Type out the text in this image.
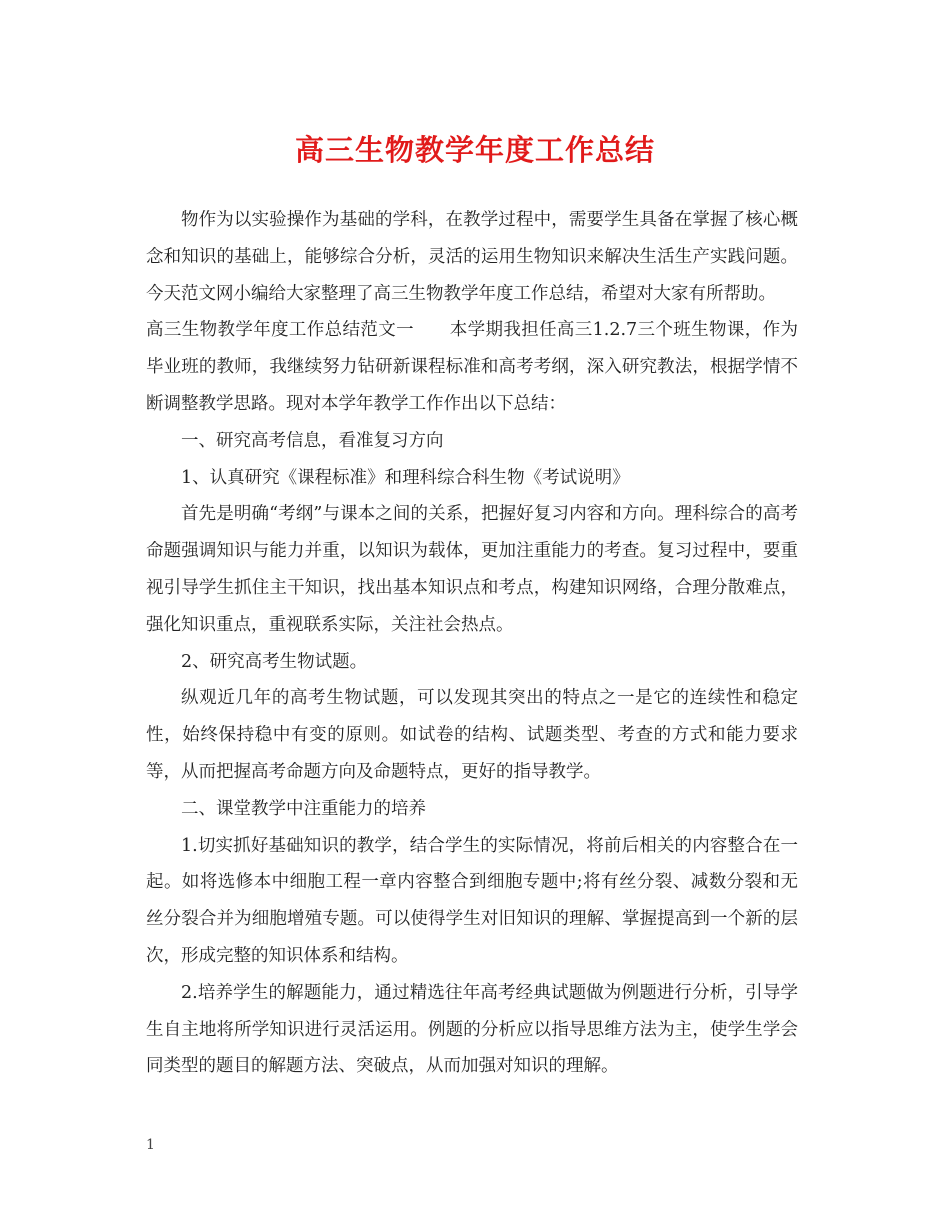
高三生物教学年度工作总结

物作为以实验操作为基础的学科，在教学过程中，需要学生具备在掌握了核心概念和知识的基础上，能够综合分析，灵活的运用生物知识来解决生活生产实践问题。今天范文网小编给大家整理了高三生物教学年度工作总结，希望对大家有所帮助。

高三生物教学年度工作总结范文一　　本学期我担任高三1.2.7三个班生物课，作为毕业班的教师，我继续努力钻研新课程标准和高考考纲，深入研究教法，根据学情不断调整教学思路。现对本学年教学工作作出以下总结：

一、研究高考信息，看准复习方向

1、认真研究《课程标准》和理科综合科生物《考试说明》

首先是明确“考纲”与课本之间的关系，把握好复习内容和方向。理科综合的高考命题强调知识与能力并重，以知识为载体，更加注重能力的考查。复习过程中，要重视引导学生抓住主干知识，找出基本知识点和考点，构建知识网络，合理分散难点，强化知识重点，重视联系实际，关注社会热点。

2、研究高考生物试题。

纵观近几年的高考生物试题，可以发现其突出的特点之一是它的连续性和稳定性，始终保持稳中有变的原则。如试卷的结构、试题类型、考查的方式和能力要求等，从而把握高考命题方向及命题特点，更好的指导教学。

二、课堂教学中注重能力的培养

1.切实抓好基础知识的教学，结合学生的实际情况，将前后相关的内容整合在一起。如将选修本中细胞工程一章内容整合到细胞专题中;将有丝分裂、减数分裂和无丝分裂合并为细胞增殖专题。可以使得学生对旧知识的理解、掌握提高到一个新的层次，形成完整的知识体系和结构。

2.培养学生的解题能力，通过精选往年高考经典试题做为例题进行分析，引导学生自主地将所学知识进行灵活运用。例题的分析应以指导思维方法为主，使学生学会同类型的题目的解题方法、突破点，从而加强对知识的理解。

1
